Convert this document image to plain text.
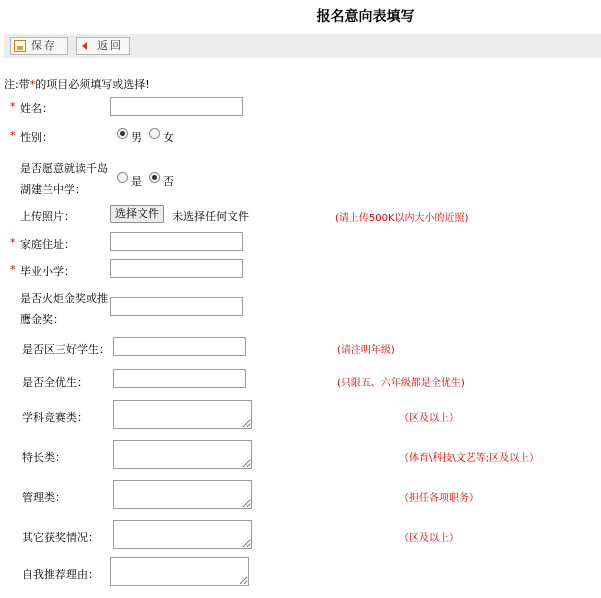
报名意向表填写
保存	返回
注:带*的项目必须填写或选择!
* 姓名：
* 性别：	男 女
是否愿意就读千岛
湖建兰中学：
是 否
上传照片：	选择文件	未选择任何文件	(请上传500K以内大小的近照)
* 家庭住址：
* 毕业小学：
是否火炬金奖或推
鹰金奖：
是否区三好学生：	(请注明年级)
是否全优生：	(只限五、六年级都是全优生)
学科竞赛类：	（区及以上）
特长类：	（体育\科技\文艺等;区及以上）
管理类：	（担任各项职务）
其它获奖情况：	（区及以上）
自我推荐理由：
